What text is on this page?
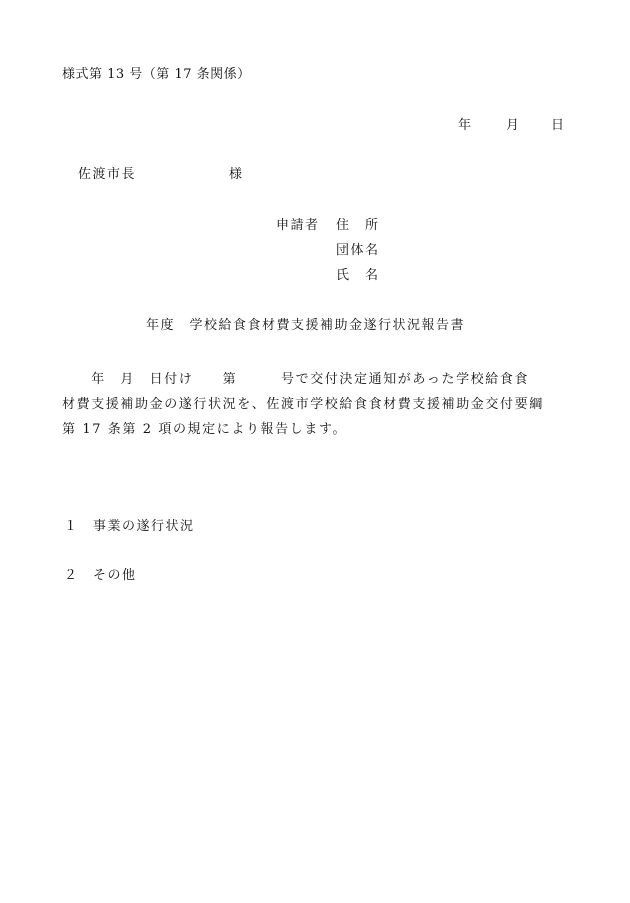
様式第 13 号（第 17 条関係）
年	月 日
佐渡市長	様
申請者 住　所
団体名
氏　名
年度　学校給食食材費支援補助金遂行状況報告書
　　年　月　日付け　　第　　　号で交付決定通知があった学校給食食
材費支援補助金の遂行状況を、佐渡市学校給食食材費支援補助金交付要綱
第 17 条第 2 項の規定により報告します。
１　 事業の遂行状況
２　 その他
